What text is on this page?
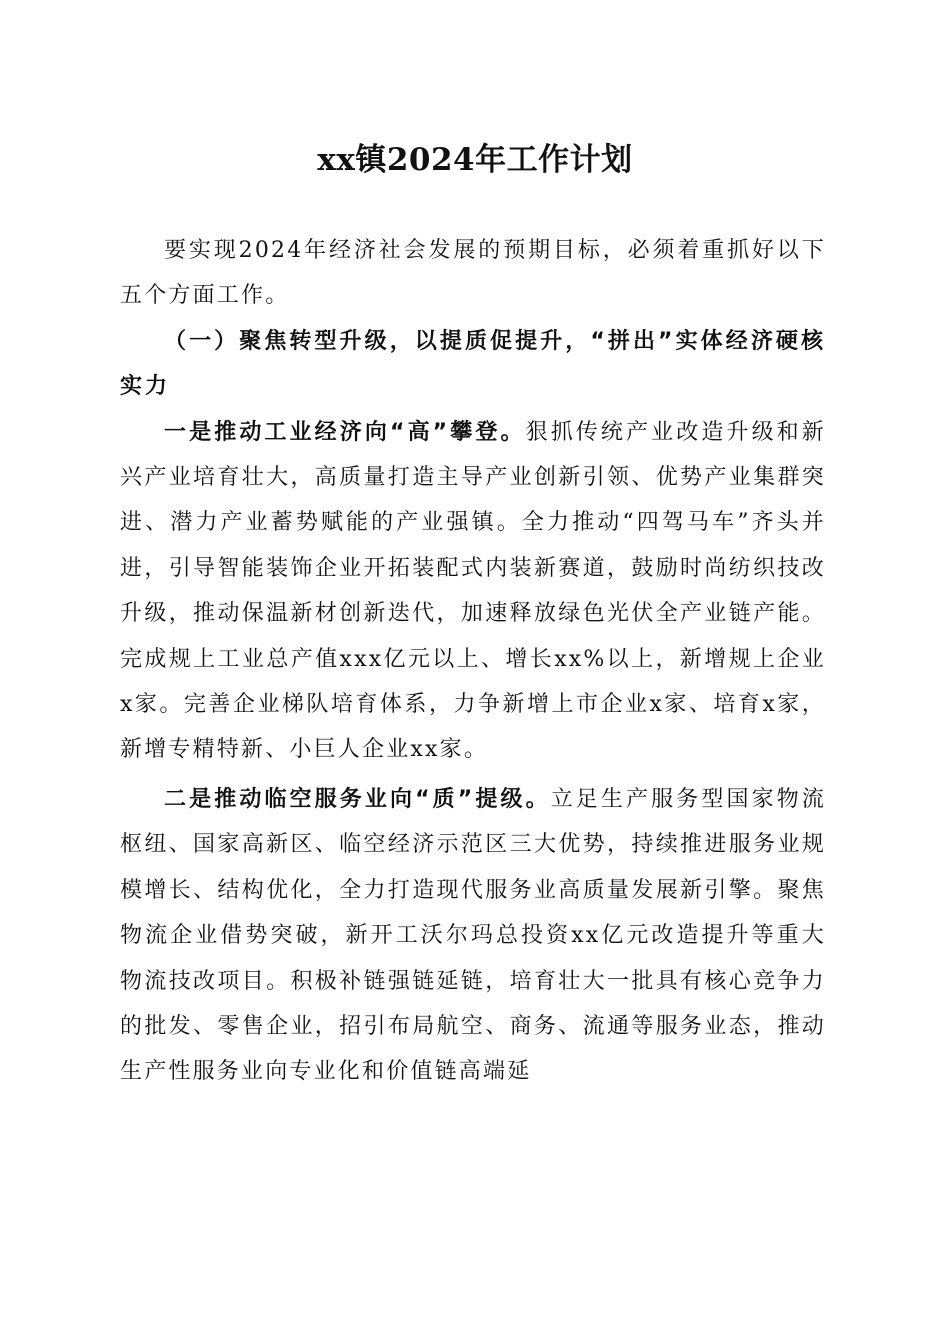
xx镇2024年工作计划

要实现2024年经济社会发展的预期目标，必须着重抓好以下五个方面工作。

（一）聚焦转型升级，以提质促提升，“拼出”实体经济硬核实力

一是推动工业经济向“高”攀登。狠抓传统产业改造升级和新兴产业培育壮大，高质量打造主导产业创新引领、优势产业集群突进、潜力产业蓄势赋能的产业强镇。全力推动“四驾马车”齐头并进，引导智能装饰企业开拓装配式内装新赛道，鼓励时尚纺织技改升级，推动保温新材创新迭代，加速释放绿色光伏全产业链产能。完成规上工业总产值xxx亿元以上、增长xx%以上，新增规上企业x家。完善企业梯队培育体系，力争新增上市企业x家、培育x家，新增专精特新、小巨人企业xx家。

二是推动临空服务业向“质”提级。立足生产服务型国家物流枢纽、国家高新区、临空经济示范区三大优势，持续推进服务业规模增长、结构优化，全力打造现代服务业高质量发展新引擎。聚焦物流企业借势突破，新开工沃尔玛总投资xx亿元改造提升等重大物流技改项目。积极补链强链延链，培育壮大一批具有核心竞争力的批发、零售企业，招引布局航空、商务、流通等服务业态，推动生产性服务业向专业化和价值链高端延
